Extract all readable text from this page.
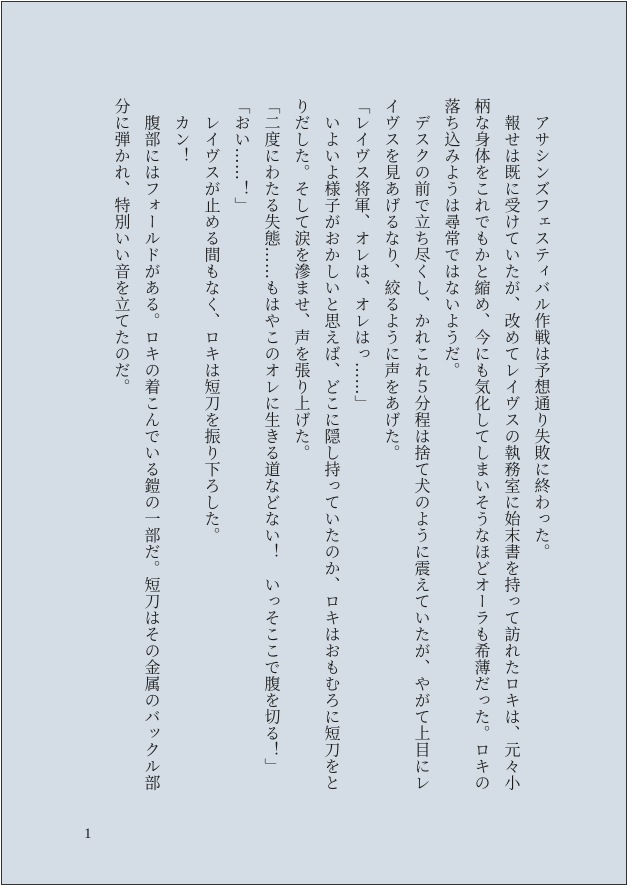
　アサシンズフェスティバル作戦は予想通り失敗に終わった。

　報せは既に受けていたが、改めてレイヴスの執務室に始末書を持って訪れたロキは、元々小柄な身体をこれでもかと縮め、今にも気化してしまいそうなほどオーラも希薄だった。ロキの落ち込みようは尋常ではないようだ。

　デスクの前で立ち尽くし、かれこれ５分程は捨て犬のように震えていたが、やがて上目にレイヴスを見あげるなり、絞るように声をあげた。

「レイヴス将軍、オレは、オレはっ……」

　いよいよ様子がおかしいと思えば、どこに隠し持っていたのか、ロキはおもむろに短刀をとりだした。そして涙を滲ませ、声を張り上げた。

「二度にわたる失態……もはやこのオレに生きる道などない！　いっそここで腹を切る！」

「おい……！」

　レイヴスが止める間もなく、ロキは短刀を振り下ろした。

　カン！

　腹部にはフォールドがある。ロキの着こんでいる鎧の一部だ。短刀はその金属のバックル部分に弾かれ、特別いい音を立てたのだ。

1
